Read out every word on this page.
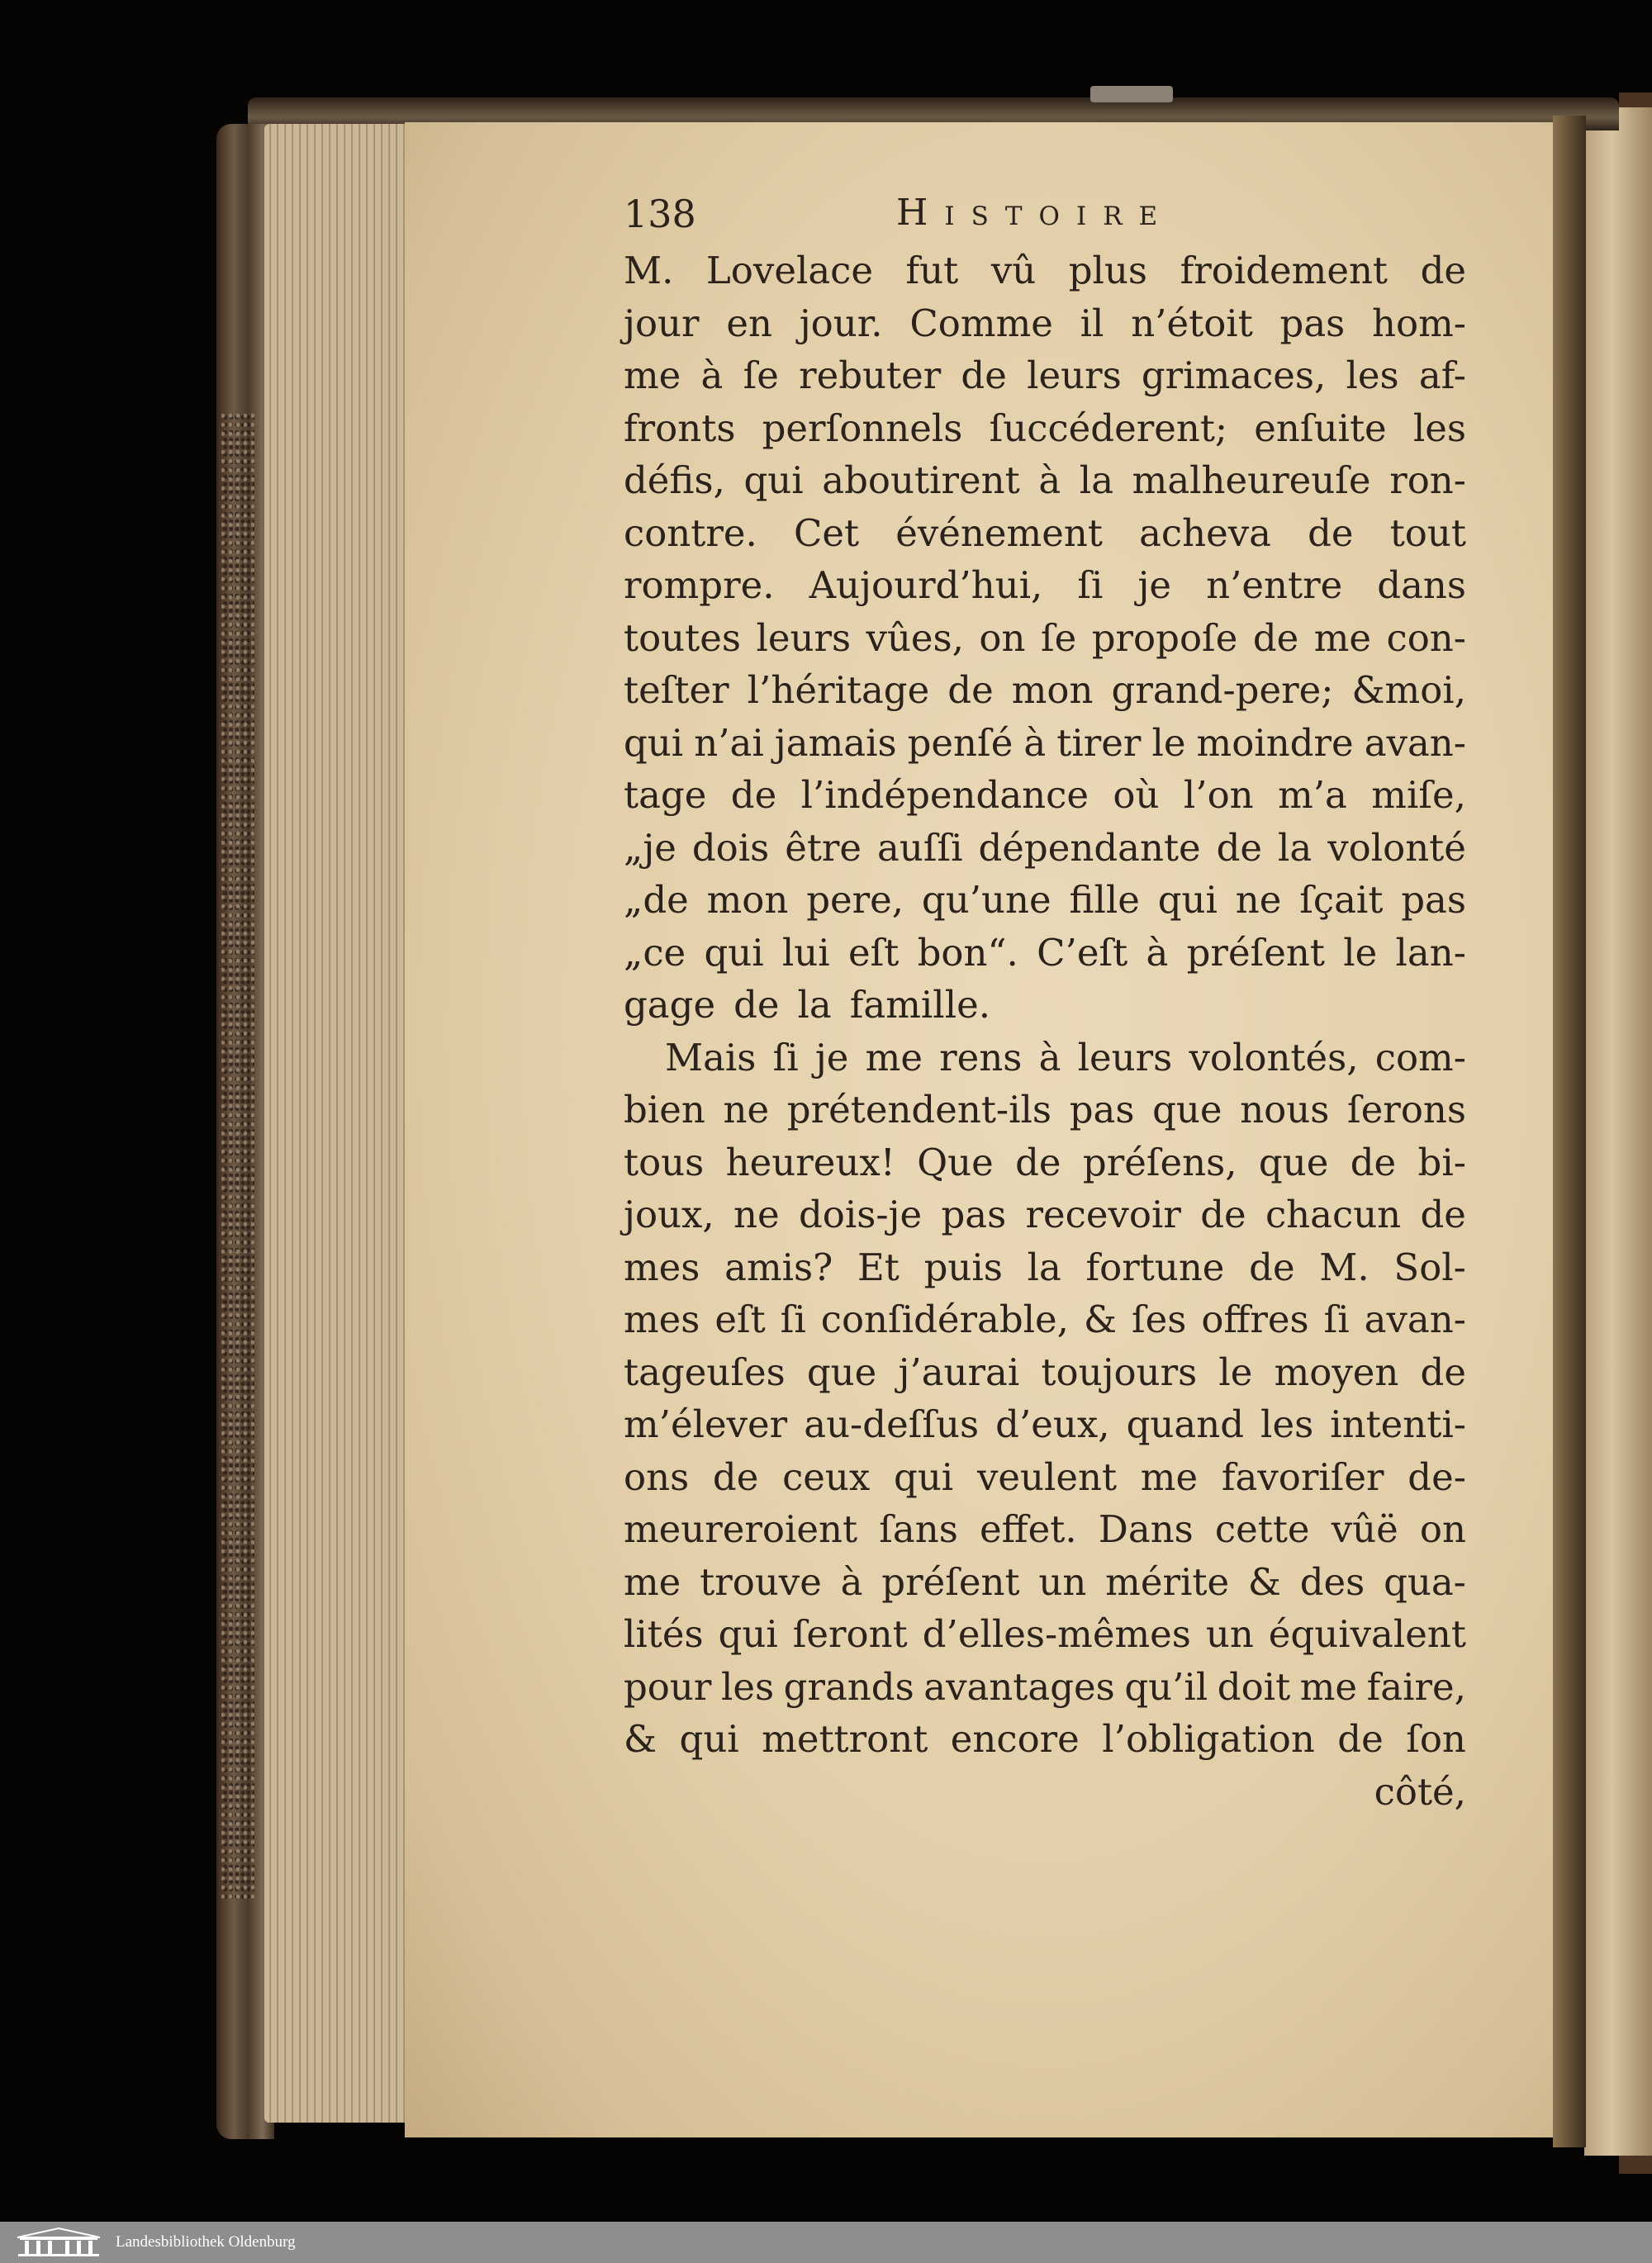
138	Histoire
M. Lovelace fut vû plus froidement de
jour en jour. Comme il n’étoit pas hom-
me à ſe rebuter de leurs grimaces, les af-
fronts perſonnels ſuccéderent; enſuite les
défis, qui aboutirent à la malheureuſe ron-
contre. Cet événement acheva de tout
rompre. Aujourd’hui, ſi je n’entre dans
toutes leurs vûes, on ſe propoſe de me con-
teſter l’héritage de mon grand-pere; &moi,
qui n’ai jamais penſé à tirer le moindre avan-
tage de l’indépendance où l’on m’a miſe,
„je dois être auſſi dépendante de la volonté
„de mon pere, qu’une fille qui ne ſçait pas
„ce qui lui eſt bon“. C’eſt à préſent le lan-
gage de la famille.
Mais ſi je me rens à leurs volontés, com-
bien ne prétendent-ils pas que nous ſerons
tous heureux! Que de préſens, que de bi-
joux, ne dois-je pas recevoir de chacun de
mes amis? Et puis la fortune de M. Sol-
mes eſt ſi conſidérable, & ſes offres ſi avan-
tageuſes que j’aurai toujours le moyen de
m’élever au-deſſus d’eux, quand les intenti-
ons de ceux qui veulent me favoriſer de-
meureroient ſans effet. Dans cette vûë on
me trouve à préſent un mérite & des qua-
lités qui ſeront d’elles-mêmes un équivalent
pour les grands avantages qu’il doit me faire,
& qui mettront encore l’obligation de ſon
côté,
Landesbibliothek Oldenburg
